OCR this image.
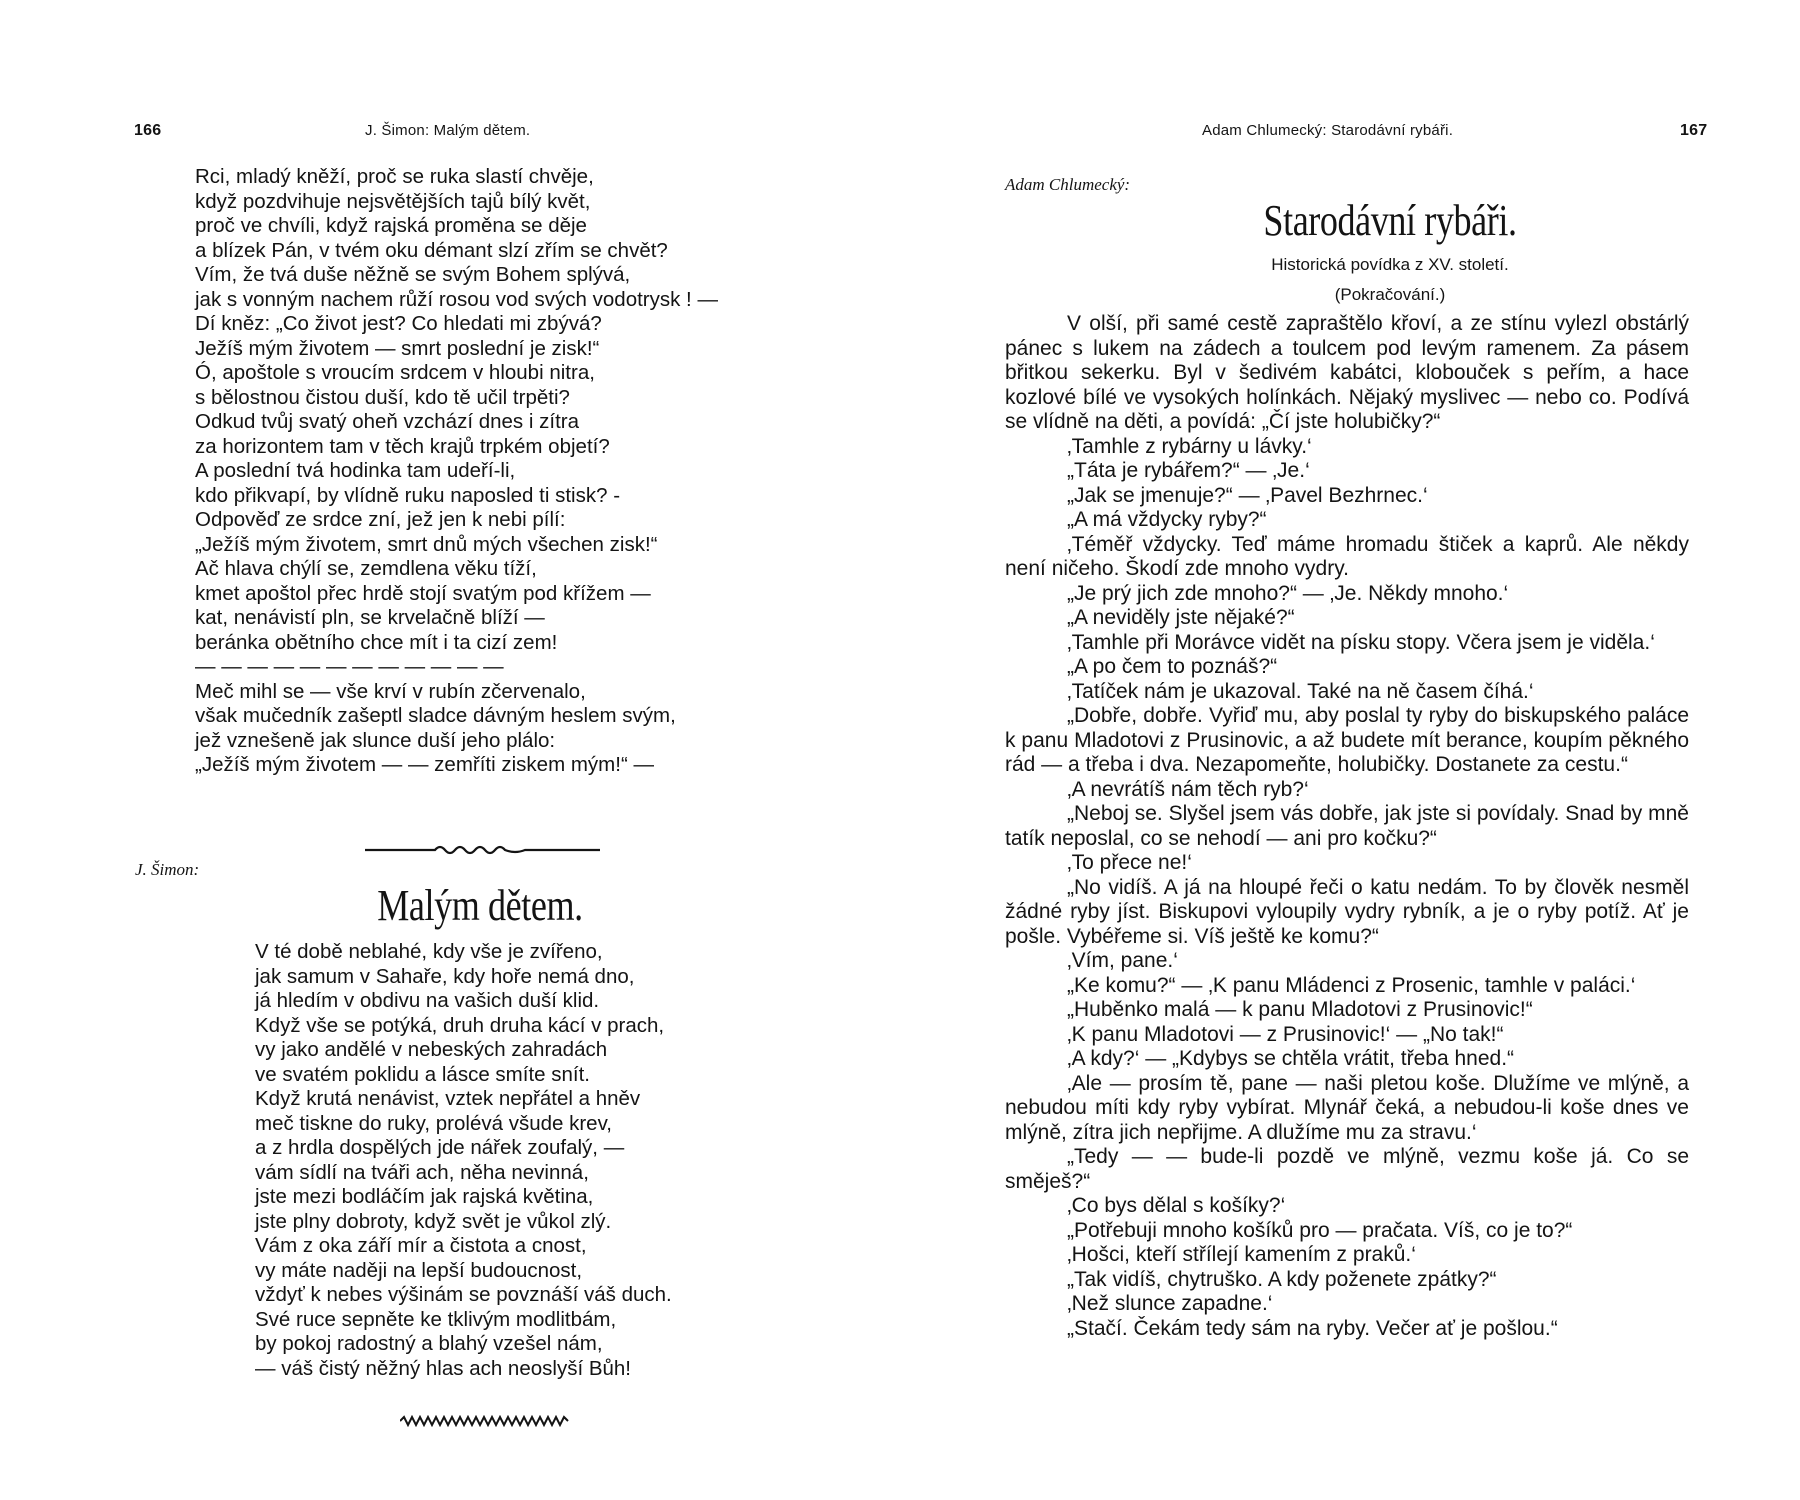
166	J. Šimon: Malým dětem.
Rci, mladý kněží, proč se ruka slastí chvěje,
když pozdvihuje nejsvětějších tajů bílý květ,
proč ve chvíli, když rajská proměna se děje
a blízek Pán, v tvém oku démant slzí zřím se chvět?
Vím, že tvá duše něžně se svým Bohem splývá,
jak s vonným nachem růží rosou vod svých vodotrysk ! —
Dí kněz: „Co život jest? Co hledati mi zbývá?
Ježíš mým životem — smrt poslední je zisk!“
Ó, apoštole s vroucím srdcem v hloubi nitra,
s bělostnou čistou duší, kdo tě učil trpěti?
Odkud tvůj svatý oheň vzchází dnes i zítra
za horizontem tam v těch krajů trpkém objetí?
A poslední tvá hodinka tam udeří-li,
kdo přikvapí, by vlídně ruku naposled ti stisk? -
Odpověď ze srdce zní, jež jen k nebi pílí:
„Ježíš mým životem, smrt dnů mých všechen zisk!“
Ač hlava chýlí se, zemdlena věku tíží,
kmet apoštol přec hrdě stojí svatým pod křížem —
kat, nenávistí pln, se krvelačně blíží —
beránka obětního chce mít i ta cizí zem!
— — — — — — — — — — — —
Meč mihl se — vše krví v rubín zčervenalo,
však mučedník zašeptl sladce dávným heslem svým,
jež vznešeně jak slunce duší jeho plálo:
„Ježíš mým životem — — zemříti ziskem mým!“ —
J. Šimon:
Malým dětem.
V té době neblahé, kdy vše je zvířeno,
jak samum v Sahaře, kdy hoře nemá dno,
já hledím v obdivu na vašich duší klid.
Když vše se potýká, druh druha kácí v prach,
vy jako andělé v nebeských zahradách
ve svatém poklidu a lásce smíte snít.
Když krutá nenávist, vztek nepřátel a hněv
meč tiskne do ruky, prolévá všude krev,
a z hrdla dospělých jde nářek zoufalý, —
vám sídlí na tváři ach, něha nevinná,
jste mezi bodláčím jak rajská květina,
jste plny dobroty, když svět je vůkol zlý.
Vám z oka září mír a čistota a cnost,
vy máte naději na lepší budoucnost,
vždyť k nebes výšinám se povznáší váš duch.
Své ruce sepněte ke tklivým modlitbám,
by pokoj radostný a blahý vzešel nám,
— váš čistý něžný hlas ach neoslyší Bůh!
Adam Chlumecký: Starodávní rybáři.	167
Adam Chlumecký:
Starodávní rybáři.
Historická povídka z XV. století.
(Pokračování.)
V olší, při samé cestě zapraštělo křoví, a ze stínu vylezl obstárlý pánec s lukem na zádech a toulcem pod levým ramenem. Za pásem břitkou sekerku. Byl v šedivém kabátci, klobouček s peřím, a hace kozlové bílé ve vysokých holínkách. Nějaký myslivec — nebo co. Podívá se vlídně na děti, a povídá: „Čí jste holubičky?“
‚Tamhle z rybárny u lávky.‘
„Táta je rybářem?“ — ‚Je.‘
„Jak se jmenuje?“ — ‚Pavel Bezhrnec.‘
„A má vždycky ryby?“
‚Téměř vždycky. Teď máme hromadu štiček a kaprů. Ale někdy není ničeho. Škodí zde mnoho vydry.
„Je prý jich zde mnoho?“ — ‚Je. Někdy mnoho.‘
„A neviděly jste nějaké?“
‚Tamhle při Morávce vidět na písku stopy. Včera jsem je viděla.‘
„A po čem to poznáš?“
‚Tatíček nám je ukazoval. Také na ně časem číhá.‘
„Dobře, dobře. Vyřiď mu, aby poslal ty ryby do biskupského paláce k panu Mladotovi z Prusinovic, a až budete mít berance, koupím pěkného rád — a třeba i dva. Nezapomeňte, holubičky. Dostanete za cestu.“
‚A nevrátíš nám těch ryb?‘
„Neboj se. Slyšel jsem vás dobře, jak jste si povídaly. Snad by mně tatík neposlal, co se nehodí — ani pro kočku?“
‚To přece ne!‘
„No vidíš. A já na hloupé řeči o katu nedám. To by člověk nesměl žádné ryby jíst. Biskupovi vyloupily vydry rybník, a je o ryby potíž. Ať je pošle. Vybéřeme si. Víš ještě ke komu?“
‚Vím, pane.‘
„Ke komu?“ — ‚K panu Mládenci z Prosenic, tamhle v paláci.‘
„Huběnko malá — k panu Mladotovi z Prusinovic!“
‚K panu Mladotovi — z Prusinovic!‘ — „No tak!“
‚A kdy?‘ — „Kdybys se chtěla vrátit, třeba hned.“
‚Ale — prosím tě, pane — naši pletou koše. Dlužíme ve mlýně, a nebudou míti kdy ryby vybírat. Mlynář čeká, a nebudou-li koše dnes ve mlýně, zítra jich nepřijme. A dlužíme mu za stravu.‘
„Tedy — — bude-li pozdě ve mlýně, vezmu koše já. Co se směješ?“
‚Co bys dělal s košíky?‘
„Potřebuji mnoho košíků pro — pračata. Víš, co je to?“
‚Hošci, kteří střílejí kamením z praků.‘
„Tak vidíš, chytruško. A kdy poženete zpátky?“
‚Než slunce zapadne.‘
„Stačí. Čekám tedy sám na ryby. Večer ať je pošlou.“
